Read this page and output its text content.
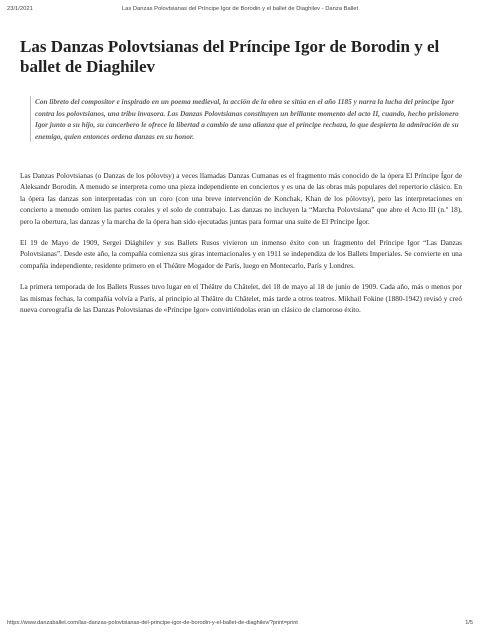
23/1/2021	Las Danzas Polovtsianas del Príncipe Igor de Borodin y el ballet de Diaghilev - Danza Ballet
Las Danzas Polovtsianas del Príncipe Igor de Borodin y el ballet de Diaghilev

Con libreto del compositor e inspirado en un poema medieval, la acción de la obra se sitúa en el año 1185 y narra la lucha del príncipe Igor contra los polovtsianos, una tribu invasora. Las Danzas Polovtsianas constituyen un brillante momento del acto II, cuando, hecho prisionero Igor junto a su hijo, su cancerbero le ofrece la libertad a cambio de una alianza que el príncipe rechaza, lo que despierta la admiración de su enemigo, quien entonces ordena danzas en su honor.

Las Danzas Polovtsianas (o Danzas de los pólovtsy) a veces llamadas Danzas Cumanas es el fragmento más conocido de la ópera El Príncipe Ígor de Aleksandr Borodin. A menudo se interpreta como una pieza independiente en conciertos y es una de las obras más populares del repertorio clásico. En la ópera las danzas son interpretadas con un coro (con una breve intervención de Konchak, Khan de los pólovtsy), pero las interpretaciones en concierto a menudo omiten las partes corales y el solo de contrabajo. Las danzas no incluyen la “Marcha Polovtsiana” que abre el Acto III (n.º 18), pero la obertura, las danzas y la marcha de la ópera han sido ejecutadas juntas para formar una suite de El Príncipe Ígor.

El 19 de Mayo de 1909, Sergei Diághilev y sus Ballets Rusos vivieron un inmenso éxito con un fragmento del Príncipe Igor “Las Danzas Polovtsianas”. Desde este año, la compañía comienza sus giras internacionales y en 1911 se independiza de los Ballets Imperiales. Se convierte en una compañía independiente, residente primero en el Théâtre Mogador de París, luego en Montecarlo, París y Londres.

La primera temporada de los Ballets Russes tuvo lugar en el Théâtre du Châtelet, del 18 de mayo al 18 de junio de 1909. Cada año, más o menos por las mismas fechas, la compañía volvía a París, al principio al Théâtre du Châtelet, más tarde a otros teatros. Mikhail Fokine (1880-1942) revisó y creó nueva coreografía de las Danzas Polovtsianas de «Príncipe Igor» convirtiéndolas eran un clásico de clamoroso éxito.

https://www.danzaballet.com/las-danzas-polovtsianas-del-principe-igor-de-borodin-y-el-ballet-de-diaghilev/?print=print	1/5
